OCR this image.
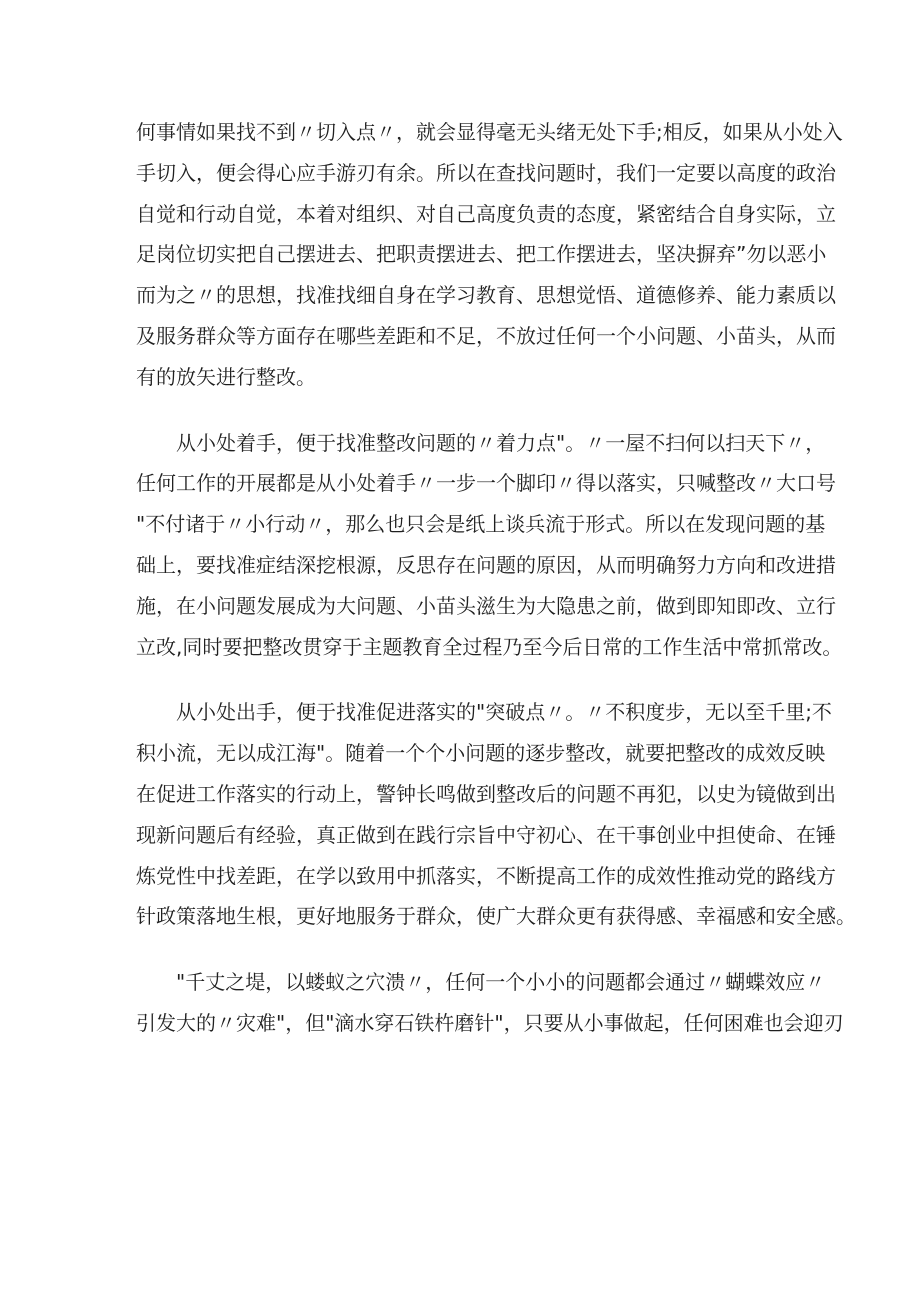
何事情如果找不到〃切入点〃，就会显得毫无头绪无处下手;相反，如果从小处入
手切入，便会得心应手游刃有余。所以在查找问题时，我们一定要以高度的政治
自觉和行动自觉，本着对组织、对自己高度负责的态度，紧密结合自身实际，立
足岗位切实把自己摆进去、把职责摆进去、把工作摆进去，坚决摒弃”勿以恶小
而为之〃的思想，找准找细自身在学习教育、思想觉悟、道德修养、能力素质以
及服务群众等方面存在哪些差距和不足，不放过任何一个小问题、小苗头，从而
有的放矢进行整改。

　　从小处着手，便于找准整改问题的〃着力点"。〃一屋不扫何以扫天下〃，
任何工作的开展都是从小处着手〃一步一个脚印〃得以落实，只喊整改〃大口号
"不付诸于〃小行动〃，那么也只会是纸上谈兵流于形式。所以在发现问题的基
础上，要找准症结深挖根源，反思存在问题的原因，从而明确努力方向和改进措
施，在小问题发展成为大问题、小苗头滋生为大隐患之前，做到即知即改、立行
立改,同时要把整改贯穿于主题教育全过程乃至今后日常的工作生活中常抓常改。

　　从小处出手，便于找准促进落实的"突破点〃。〃不积度步，无以至千里;不
积小流，无以成江海"。随着一个个小问题的逐步整改，就要把整改的成效反映
在促进工作落实的行动上，警钟长鸣做到整改后的问题不再犯，以史为镜做到出
现新问题后有经验，真正做到在践行宗旨中守初心、在干事创业中担使命、在锤
炼党性中找差距，在学以致用中抓落实，不断提高工作的成效性推动党的路线方
针政策落地生根，更好地服务于群众，使广大群众更有获得感、幸福感和安全感。

　　"千丈之堤，以蝼蚁之穴溃〃，任何一个小小的问题都会通过〃蝴蝶效应〃
引发大的〃灾难"，但"滴水穿石铁杵磨针"，只要从小事做起，任何困难也会迎刃
